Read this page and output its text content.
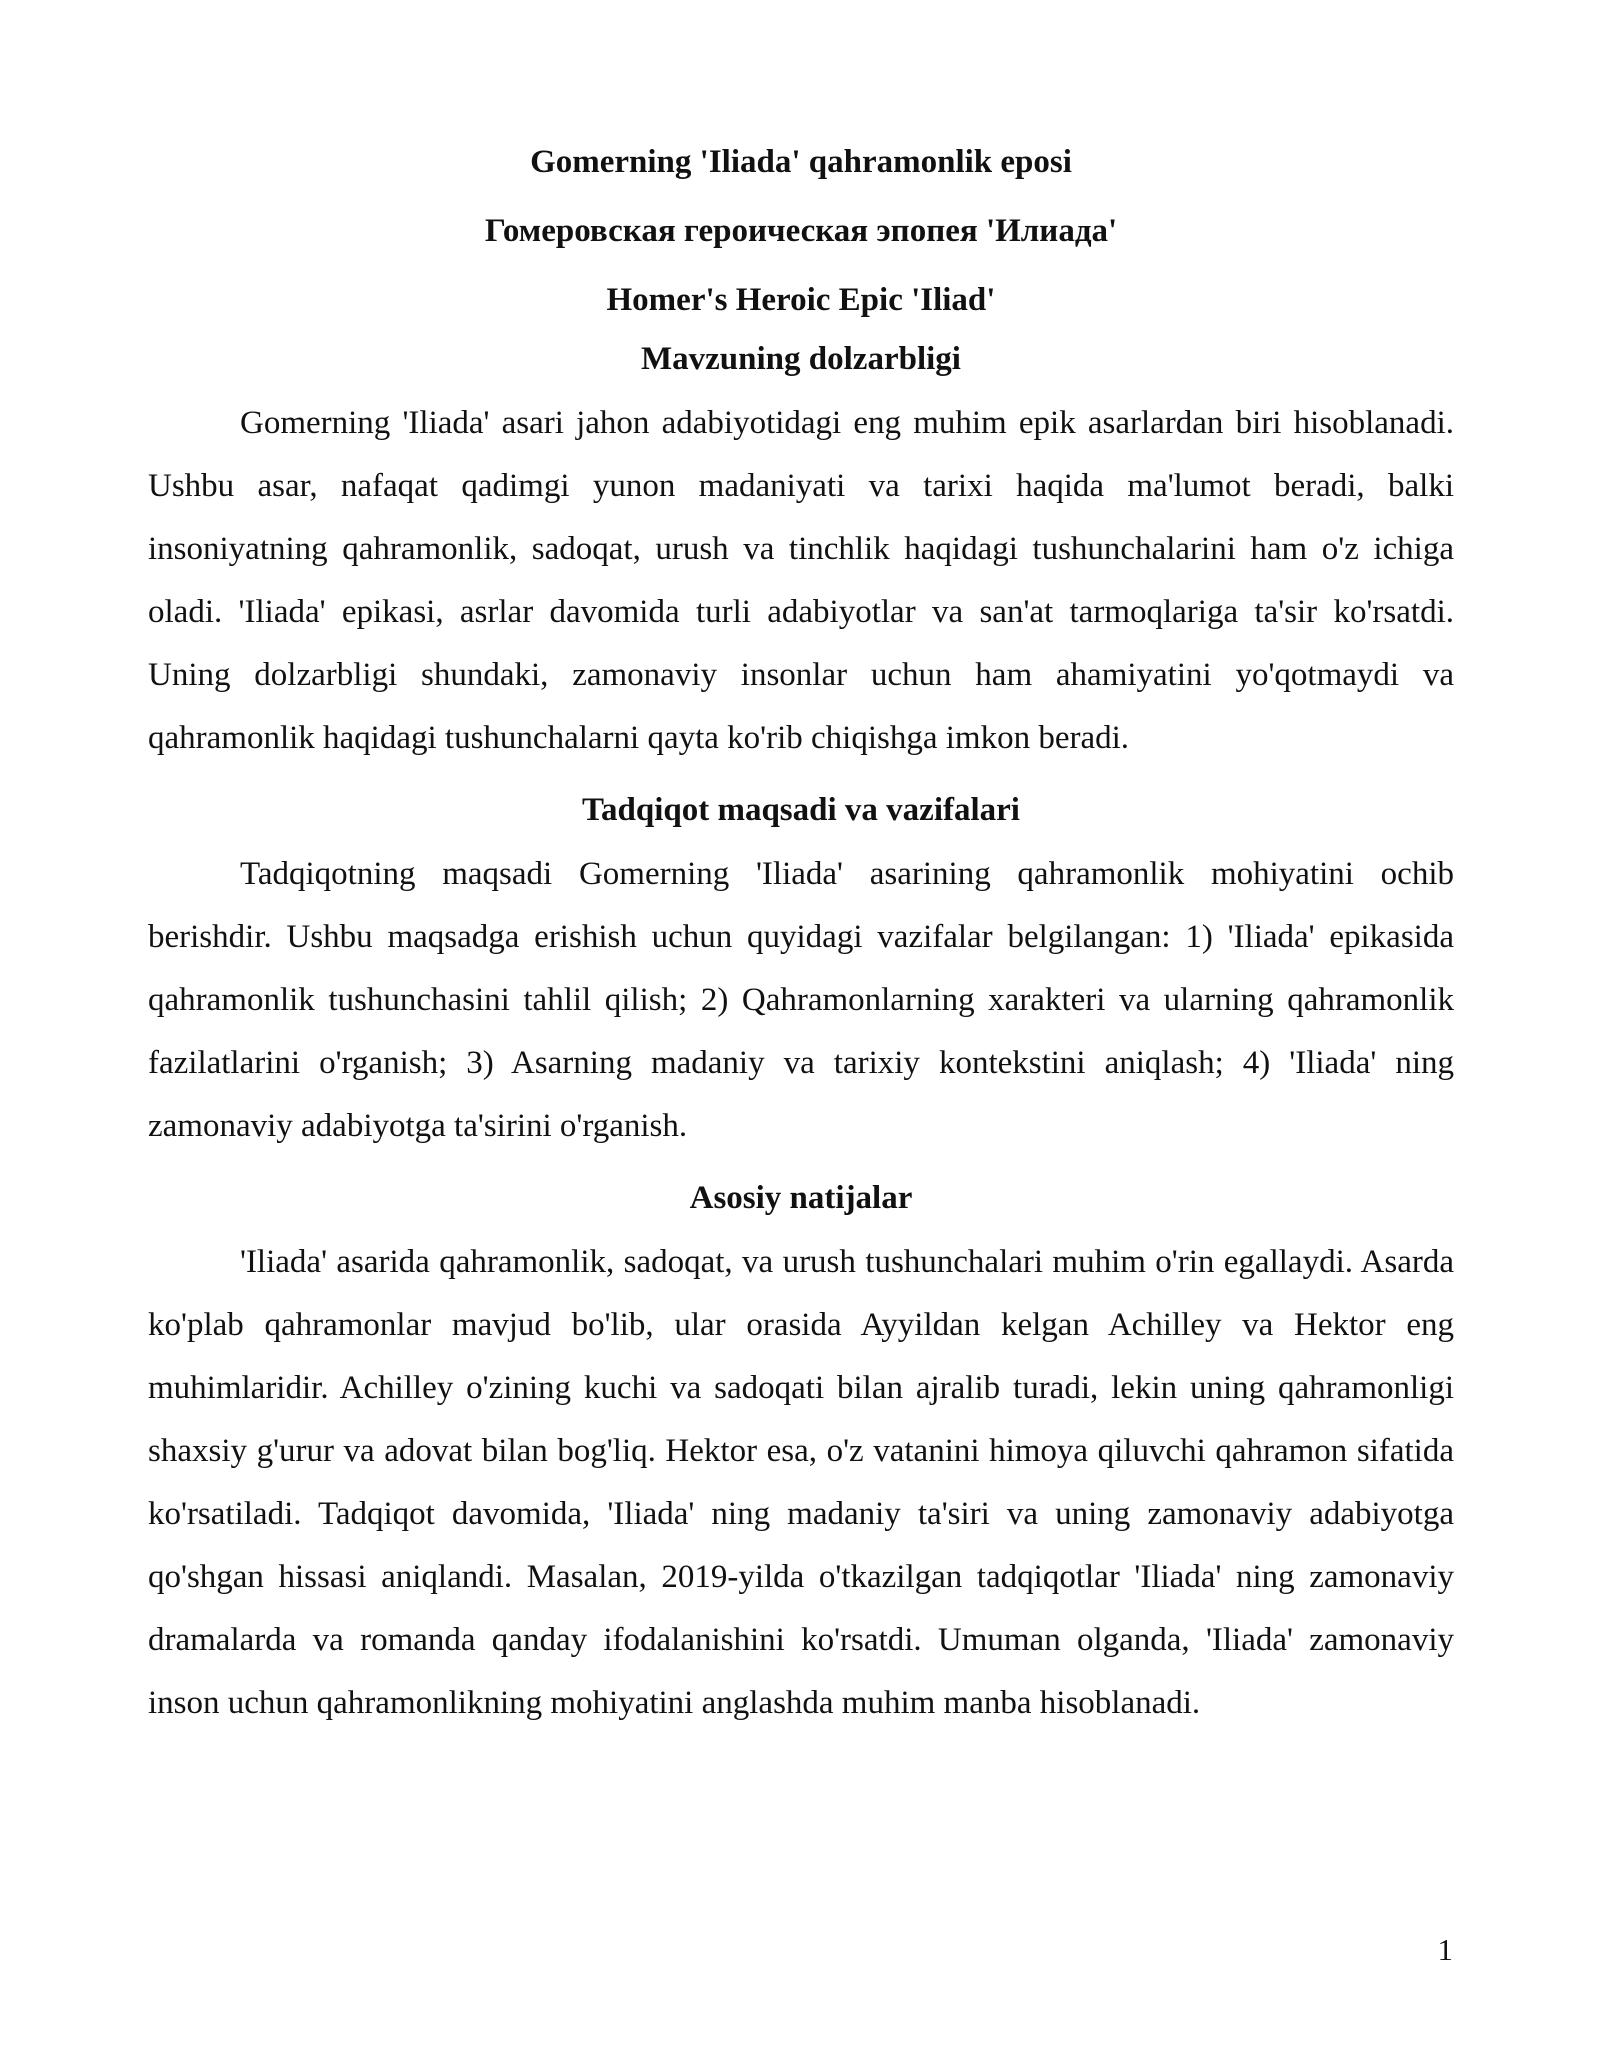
Gomerning 'Iliada' qahramonlik eposi
Гомеровская героическая эпопея 'Илиада'
Homer's Heroic Epic 'Iliad'
Mavzuning dolzarbligi

Gomerning 'Iliada' asari jahon adabiyotidagi eng muhim epik asarlardan biri hisoblanadi. Ushbu asar, nafaqat qadimgi yunon madaniyati va tarixi haqida ma'lumot beradi, balki insoniyatning qahramonlik, sadoqat, urush va tinchlik haqidagi tushunchalarini ham o'z ichiga oladi. 'Iliada' epikasi, asrlar davomida turli adabiyotlar va san'at tarmoqlariga ta'sir ko'rsatdi. Uning dolzarbligi shundaki, zamonaviy insonlar uchun ham ahamiyatini yo'qotmaydi va qahramonlik haqidagi tushunchalarni qayta ko'rib chiqishga imkon beradi.

Tadqiqot maqsadi va vazifalari

Tadqiqotning maqsadi Gomerning 'Iliada' asarining qahramonlik mohiyatini ochib berishdir. Ushbu maqsadga erishish uchun quyidagi vazifalar belgilangan: 1) 'Iliada' epikasida qahramonlik tushunchasini tahlil qilish; 2) Qahramonlarning xarakteri va ularning qahramonlik fazilatlarini o'rganish; 3) Asarning madaniy va tarixiy kontekstini aniqlash; 4) 'Iliada' ning zamonaviy adabiyotga ta'sirini o'rganish.

Asosiy natijalar

'Iliada' asarida qahramonlik, sadoqat, va urush tushunchalari muhim o'rin egallaydi. Asarda ko'plab qahramonlar mavjud bo'lib, ular orasida Ayyildan kelgan Achilley va Hektor eng muhimlaridir. Achilley o'zining kuchi va sadoqati bilan ajralib turadi, lekin uning qahramonligi shaxsiy g'urur va adovat bilan bog'liq. Hektor esa, o'z vatanini himoya qiluvchi qahramon sifatida ko'rsatiladi. Tadqiqot davomida, 'Iliada' ning madaniy ta'siri va uning zamonaviy adabiyotga qo'shgan hissasi aniqlandi. Masalan, 2019-yilda o'tkazilgan tadqiqotlar 'Iliada' ning zamonaviy dramalarda va romanda qanday ifodalanishini ko'rsatdi. Umuman olganda, 'Iliada' zamonaviy inson uchun qahramonlikning mohiyatini anglashda muhim manba hisoblanadi.

1
